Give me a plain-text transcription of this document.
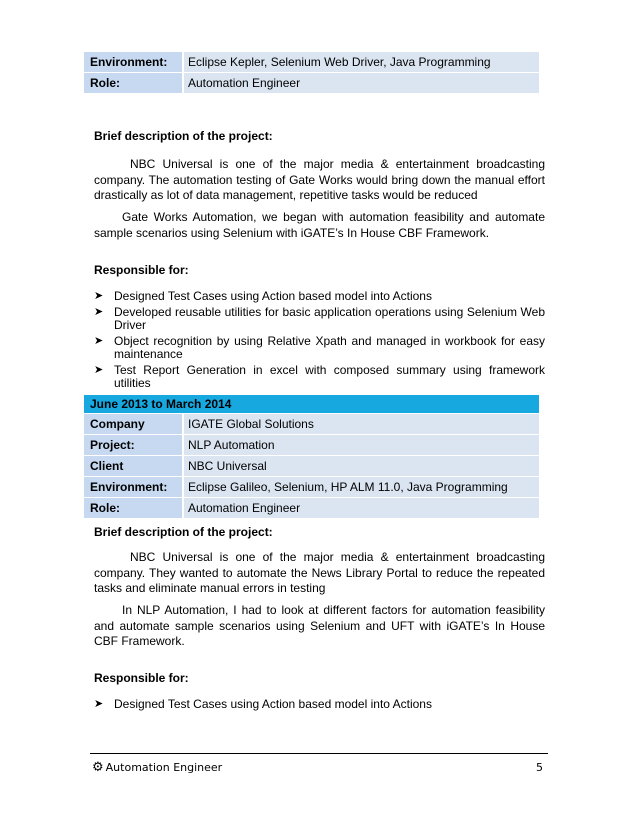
Environment:	Eclipse Kepler, Selenium Web Driver, Java Programming
Role:	Automation Engineer
Brief description of the project:
NBC Universal is one of the major media & entertainment broadcasting company. The automation testing of Gate Works would bring down the manual effort drastically as lot of data management, repetitive tasks would be reduced
Gate Works Automation, we began with automation feasibility and automate sample scenarios using Selenium with iGATE’s In House CBF Framework.
Responsible for:
➤ Designed Test Cases using Action based model into Actions
➤ Developed reusable utilities for basic application operations using Selenium Web Driver
➤ Object recognition by using Relative Xpath and managed in workbook for easy maintenance
➤ Test Report Generation in excel with composed summary using framework utilities
June 2013 to March 2014
Company	IGATE Global Solutions
Project:	NLP Automation
Client	NBC Universal
Environment:	Eclipse Galileo, Selenium, HP ALM 11.0, Java Programming
Role:	Automation Engineer
Brief description of the project:
NBC Universal is one of the major media & entertainment broadcasting company. They wanted to automate the News Library Portal to reduce the repeated tasks and eliminate manual errors in testing
In NLP Automation, I had to look at different factors for automation feasibility and automate sample scenarios using Selenium and UFT with iGATE’s In House CBF Framework.
Responsible for:
➤ Designed Test Cases using Action based model into Actions
⚙ Automation Engineer	5
